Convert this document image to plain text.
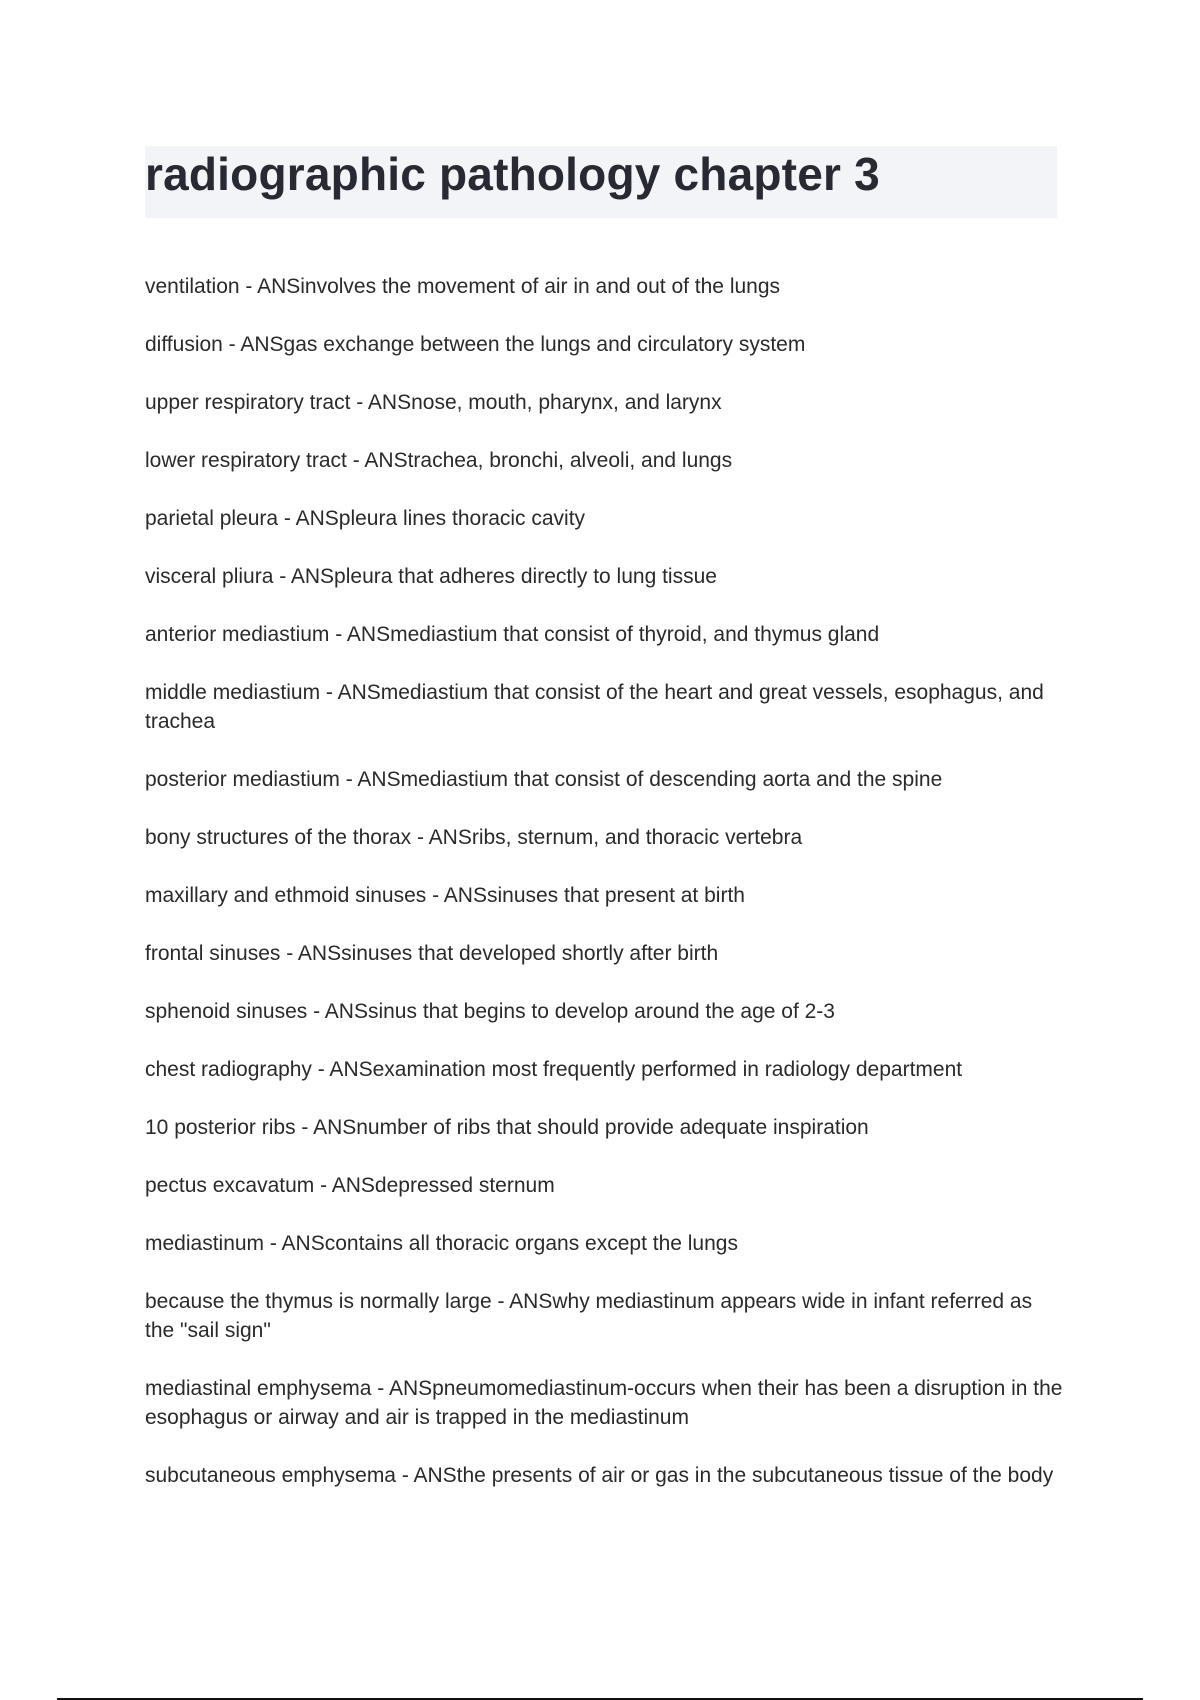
radiographic pathology chapter 3
ventilation - ANSinvolves the movement of air in and out of the lungs
diffusion - ANSgas exchange between the lungs and circulatory system
upper respiratory tract - ANSnose, mouth, pharynx, and larynx
lower respiratory tract - ANStrachea, bronchi, alveoli, and lungs
parietal pleura - ANSpleura lines thoracic cavity
visceral pliura - ANSpleura that adheres directly to lung tissue
anterior mediastium - ANSmediastium that consist of thyroid, and thymus gland
middle mediastium - ANSmediastium that consist of the heart and great vessels, esophagus, and trachea
posterior mediastium - ANSmediastium that consist of descending aorta and the spine
bony structures of the thorax - ANSribs, sternum, and thoracic vertebra
maxillary and ethmoid sinuses - ANSsinuses that present at birth
frontal sinuses - ANSsinuses that developed shortly after birth
sphenoid sinuses - ANSsinus that begins to develop around the age of 2-3
chest radiography - ANSexamination most frequently performed in radiology department
10 posterior ribs - ANSnumber of ribs that should provide adequate inspiration
pectus excavatum - ANSdepressed sternum
mediastinum - ANScontains all thoracic organs except the lungs
because the thymus is normally large - ANSwhy mediastinum appears wide in infant referred as the "sail sign"
mediastinal emphysema - ANSpneumomediastinum-occurs when their has been a disruption in the esophagus or airway and air is trapped in the mediastinum
subcutaneous emphysema - ANSthe presents of air or gas in the subcutaneous tissue of the body
